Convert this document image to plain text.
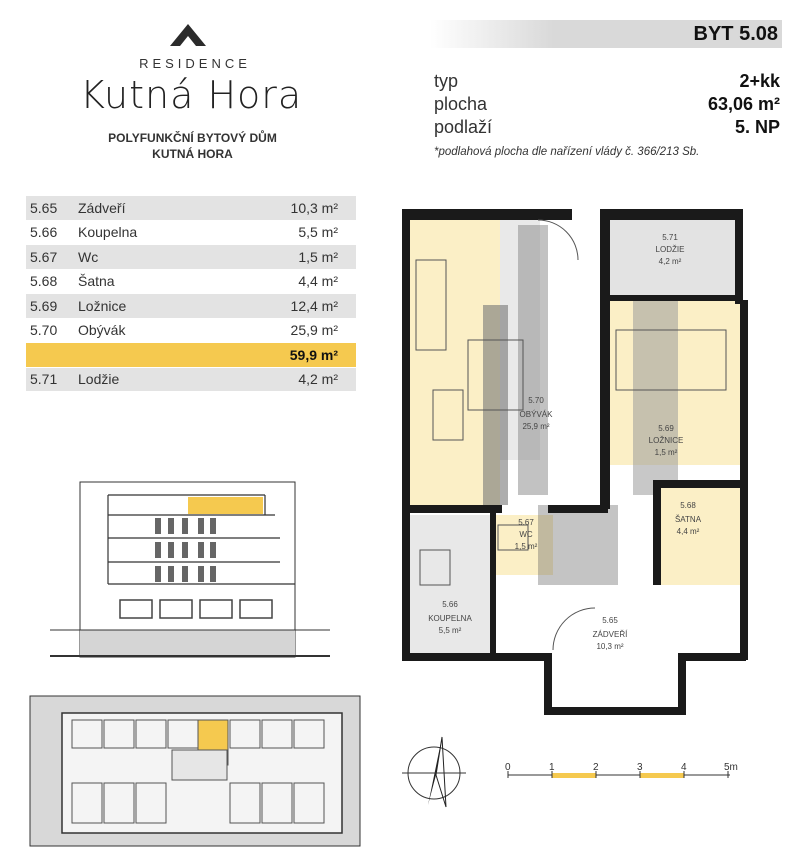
RESIDENCE
Kutná Hora
POLYFUNKČNÍ BYTOVÝ DŮM
KUTNÁ HORA
BYT 5.08
typ	2+kk
plocha	63,06 m²
podlaží	5. NP
*podlahová plocha dle nařízení vlády č. 366/213 Sb.
5.65	Zádveří	10,3 m²
5.66	Koupelna	5,5 m²
5.67	Wc	1,5 m²
5.68	Šatna	4,4 m²
5.69	Ložnice	12,4 m²
5.70	Obývák	25,9 m²
59,9 m²
5.71	Lodžie	4,2 m²
5.71
LODŽIE
4,2 m²
5.70
OBÝVÁK
25,9 m²	5.69
LOŽNICE
1,5 m²
5.68
ŠATNA
4,4 m²
5.67
WC
1,5 m²
5.66
KOUPELNA
5,5 m²
5.65
ZÁDVEŘÍ
10,3 m²
0	1	2	3	4	5m
